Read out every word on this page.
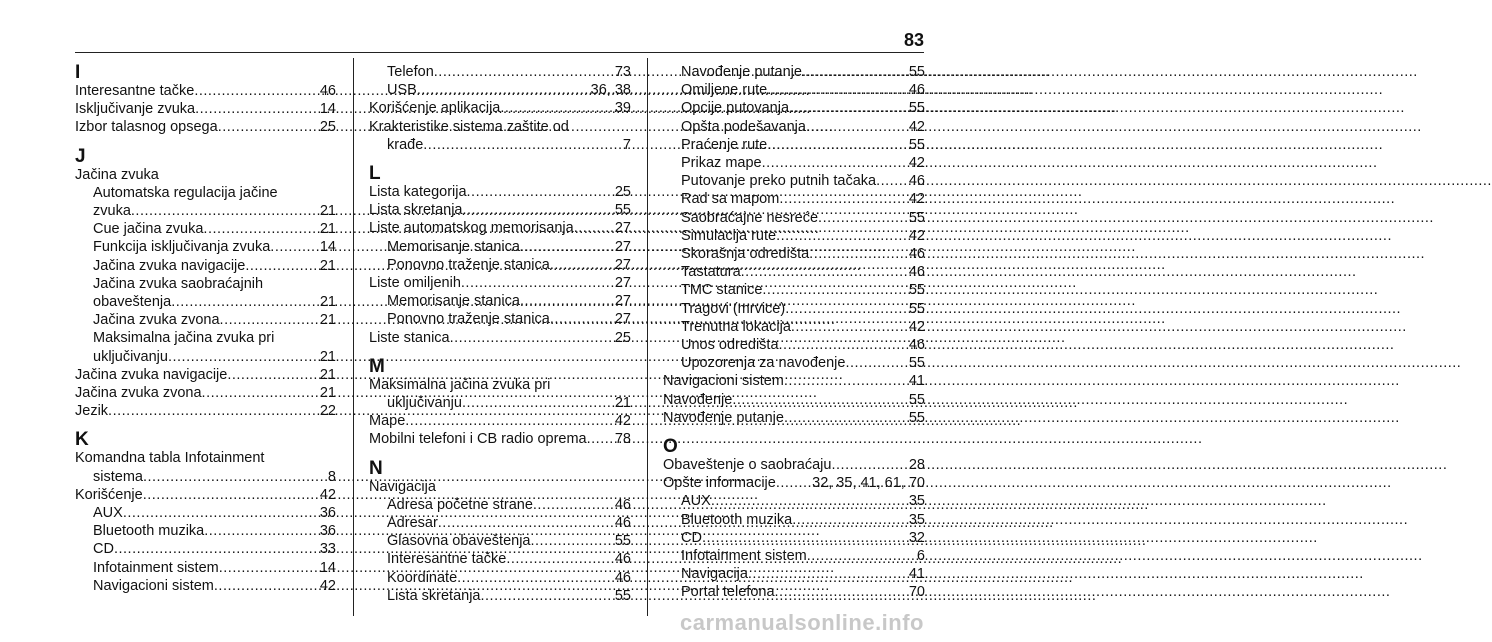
83
I
Interesantne tačke .....	46
Isključivanje zvuka .....	14
Izbor talasnog opsega .....	25
J
Jačina zvuka
Automatska regulacija jačine
zvuka .....	21
Cue jačina zvuka .....	21
Funkcija isključivanja zvuka .....	14
Jačina zvuka navigacije .....	21
Jačina zvuka saobraćajnih
obaveštenja .....	21
Jačina zvuka zvona .....	21
Maksimalna jačina zvuka pri
uključivanju .....	21
Jačina zvuka navigacije .....	21
Jačina zvuka zvona .....	21
Jezik .....	22
K
Komandna tabla Infotainment
sistema .....	8
Korišćenje .....	42
AUX .....	36
Bluetooth muzika .....	36
CD .....	33
Infotainment sistem .....	14
Navigacioni sistem .....	42
Telefon .....	73
USB .....	36, 38
Korišćenje aplikacija .....	39
Krakteristike sistema zaštite od
krađe .....	7
L
Lista kategorija .....	25
Lista skretanja .....	55
Liste automatskog memorisanja .....	27
Memorisanje stanica .....	27
Ponovno traženje stanica .....	27
Liste omiljenih .....	27
Memorisanje stanica .....	27
Ponovno traženje stanica .....	27
Liste stanica .....	25
M
Maksimalna jačina zvuka pri
uključivanju .....	21
Mape .....	42
Mobilni telefoni i CB radio oprema ..... 78
N
Navigacija
Adresa početne strane .....	46
Adresar .....	46
Glasovna obaveštenja .....	55
Interesantne tačke .....	46
Koordinate .....	46
Lista skretanja .....	55
Navođenje putanje .....	55
Omiljene rute .....	46
Opcije putovanja .....	55
Opšta podešavanja .....	42
Praćenje rute .....	55
Prikaz mape .....	42
Putovanje preko putnih tačaka ..... 46
Rad sa mapom .....	42
Saobraćajne nesreće .....	55
Simulacija rute .....	42
Skorašnja odredišta .....	46
Tastatura .....	46
TMC stanice .....	55
Tragovi (mrvice) .....	55
Trenutna lokacija .....	42
Unos odredišta .....	46
Upozorenja za navođenje .....	55
Navigacioni sistem .....	41
Navođenje .....	55
Navođenje putanje .....	55
O
Obaveštenje o saobraćaju .....	28
Opšte informacije .....	32, 35, 41, 61, 70
AUX .....	35
Bluetooth muzika .....	35
CD .....	32
Infotainment sistem .....	6
Navigacija .....	41
Portal telefona .....	70
carmanualsonline.info
